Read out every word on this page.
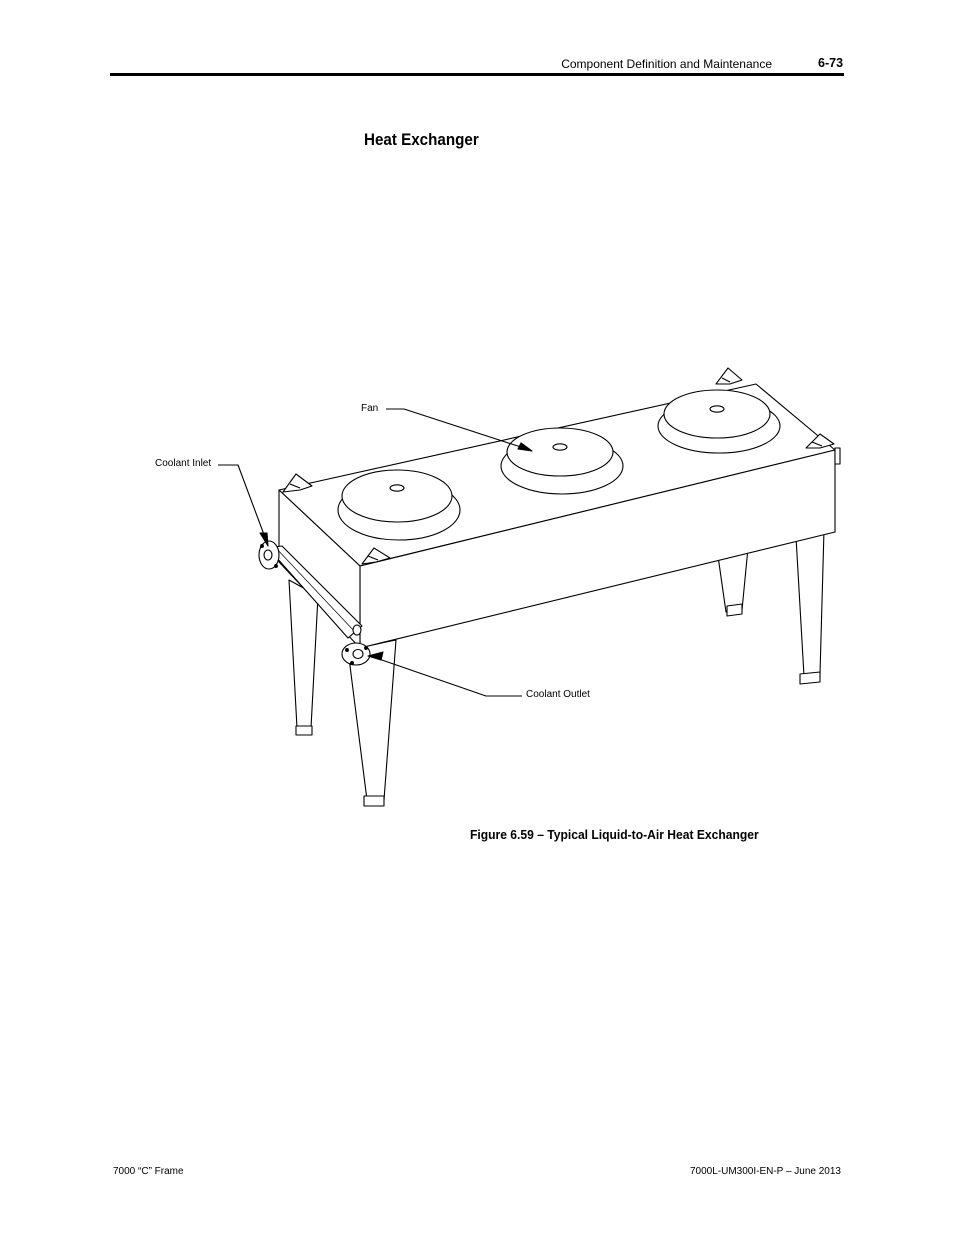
Component Definition and Maintenance	6-73
Heat Exchanger
Fan
Coolant Inlet
Coolant Outlet
Figure 6.59 – Typical Liquid-to-Air Heat Exchanger
7000 “C” Frame	7000L-UM300I-EN-P – June 2013
